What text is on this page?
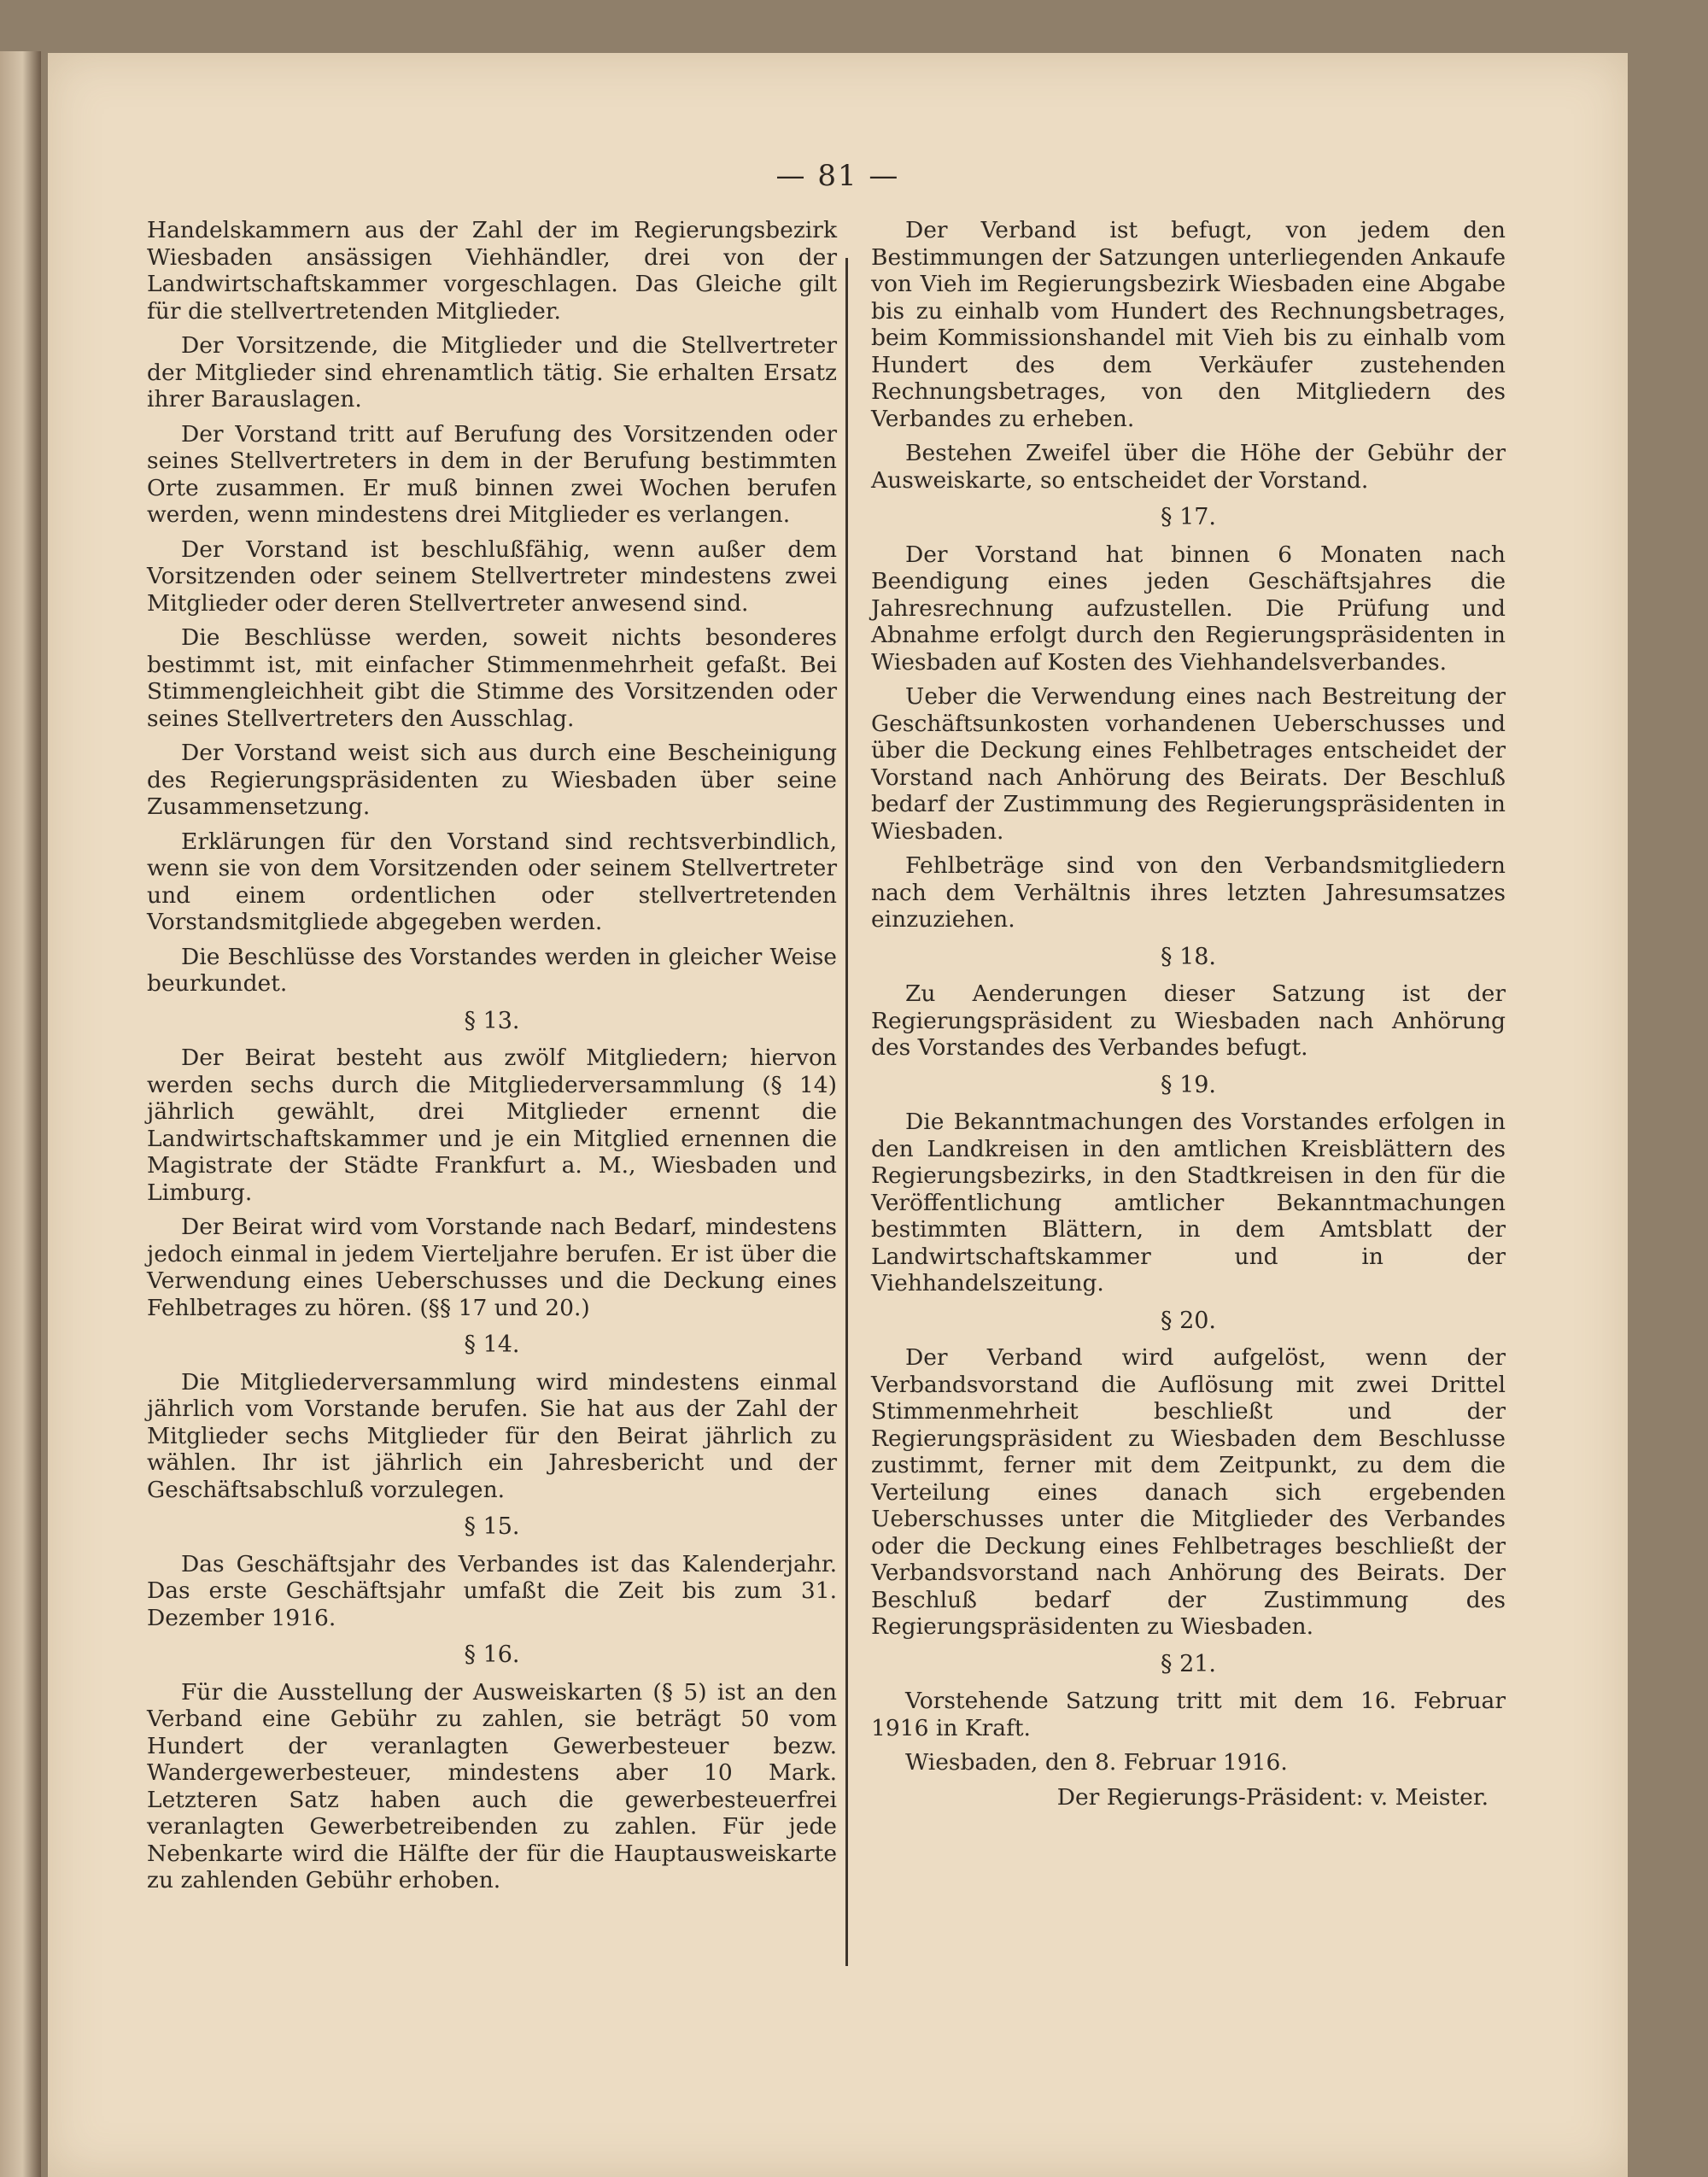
— 81 —

Handelskammern aus der Zahl der im Regierungsbezirk Wiesbaden ansässigen Viehhändler, drei von der Landwirtschaftskammer vorgeschlagen. Das Gleiche gilt für die stellvertretenden Mitglieder.

Der Vorsitzende, die Mitglieder und die Stellvertreter der Mitglieder sind ehrenamtlich tätig. Sie erhalten Ersatz ihrer Barauslagen.

Der Vorstand tritt auf Berufung des Vorsitzenden oder seines Stellvertreters in dem in der Berufung bestimmten Orte zusammen. Er muß binnen zwei Wochen berufen werden, wenn mindestens drei Mitglieder es verlangen.

Der Vorstand ist beschlußfähig, wenn außer dem Vorsitzenden oder seinem Stellvertreter mindestens zwei Mitglieder oder deren Stellvertreter anwesend sind.

Die Beschlüsse werden, soweit nichts besonderes bestimmt ist, mit einfacher Stimmenmehrheit gefaßt. Bei Stimmengleichheit gibt die Stimme des Vorsitzenden oder seines Stellvertreters den Ausschlag.

Der Vorstand weist sich aus durch eine Bescheinigung des Regierungspräsidenten zu Wiesbaden über seine Zusammensetzung.

Erklärungen für den Vorstand sind rechtsverbindlich, wenn sie von dem Vorsitzenden oder seinem Stellvertreter und einem ordentlichen oder stellvertretenden Vorstandsmitgliede abgegeben werden.

Die Beschlüsse des Vorstandes werden in gleicher Weise beurkundet.

§ 13.

Der Beirat besteht aus zwölf Mitgliedern; hiervon werden sechs durch die Mitgliederversammlung (§ 14) jährlich gewählt, drei Mitglieder ernennt die Landwirtschaftskammer und je ein Mitglied ernennen die Magistrate der Städte Frankfurt a. M., Wiesbaden und Limburg.

Der Beirat wird vom Vorstande nach Bedarf, mindestens jedoch einmal in jedem Vierteljahre berufen. Er ist über die Verwendung eines Ueberschusses und die Deckung eines Fehlbetrages zu hören. (§§ 17 und 20.)

§ 14.

Die Mitgliederversammlung wird mindestens einmal jährlich vom Vorstande berufen. Sie hat aus der Zahl der Mitglieder sechs Mitglieder für den Beirat jährlich zu wählen. Ihr ist jährlich ein Jahresbericht und der Geschäftsabschluß vorzulegen.

§ 15.

Das Geschäftsjahr des Verbandes ist das Kalenderjahr. Das erste Geschäftsjahr umfaßt die Zeit bis zum 31. Dezember 1916.

§ 16.

Für die Ausstellung der Ausweiskarten (§ 5) ist an den Verband eine Gebühr zu zahlen, sie beträgt 50 vom Hundert der veranlagten Gewerbesteuer bezw. Wandergewerbesteuer, mindestens aber 10 Mark. Letzteren Satz haben auch die gewerbesteuerfrei veranlagten Gewerbetreibenden zu zahlen. Für jede Nebenkarte wird die Hälfte der für die Hauptausweiskarte zu zahlenden Gebühr erhoben.

Der Verband ist befugt, von jedem den Bestimmungen der Satzungen unterliegenden Ankaufe von Vieh im Regierungsbezirk Wiesbaden eine Abgabe bis zu einhalb vom Hundert des Rechnungsbetrages, beim Kommissionshandel mit Vieh bis zu einhalb vom Hundert des dem Verkäufer zustehenden Rechnungsbetrages, von den Mitgliedern des Verbandes zu erheben.

Bestehen Zweifel über die Höhe der Gebühr der Ausweiskarte, so entscheidet der Vorstand.

§ 17.

Der Vorstand hat binnen 6 Monaten nach Beendigung eines jeden Geschäftsjahres die Jahresrechnung aufzustellen. Die Prüfung und Abnahme erfolgt durch den Regierungspräsidenten in Wiesbaden auf Kosten des Viehhandelsverbandes.

Ueber die Verwendung eines nach Bestreitung der Geschäftsunkosten vorhandenen Ueberschusses und über die Deckung eines Fehlbetrages entscheidet der Vorstand nach Anhörung des Beirats. Der Beschluß bedarf der Zustimmung des Regierungspräsidenten in Wiesbaden.

Fehlbeträge sind von den Verbandsmitgliedern nach dem Verhältnis ihres letzten Jahresumsatzes einzuziehen.

§ 18.

Zu Aenderungen dieser Satzung ist der Regierungspräsident zu Wiesbaden nach Anhörung des Vorstandes des Verbandes befugt.

§ 19.

Die Bekanntmachungen des Vorstandes erfolgen in den Landkreisen in den amtlichen Kreisblättern des Regierungsbezirks, in den Stadtkreisen in den für die Veröffentlichung amtlicher Bekanntmachungen bestimmten Blättern, in dem Amtsblatt der Landwirtschaftskammer und in der Viehhandelszeitung.

§ 20.

Der Verband wird aufgelöst, wenn der Verbandsvorstand die Auflösung mit zwei Drittel Stimmenmehrheit beschließt und der Regierungspräsident zu Wiesbaden dem Beschlusse zustimmt, ferner mit dem Zeitpunkt, zu dem die Verteilung eines danach sich ergebenden Ueberschusses unter die Mitglieder des Verbandes oder die Deckung eines Fehlbetrages beschließt der Verbandsvorstand nach Anhörung des Beirats. Der Beschluß bedarf der Zustimmung des Regierungspräsidenten zu Wiesbaden.

§ 21.

Vorstehende Satzung tritt mit dem 16. Februar 1916 in Kraft.

Wiesbaden, den 8. Februar 1916.

Der Regierungs-Präsident: v. Meister.
